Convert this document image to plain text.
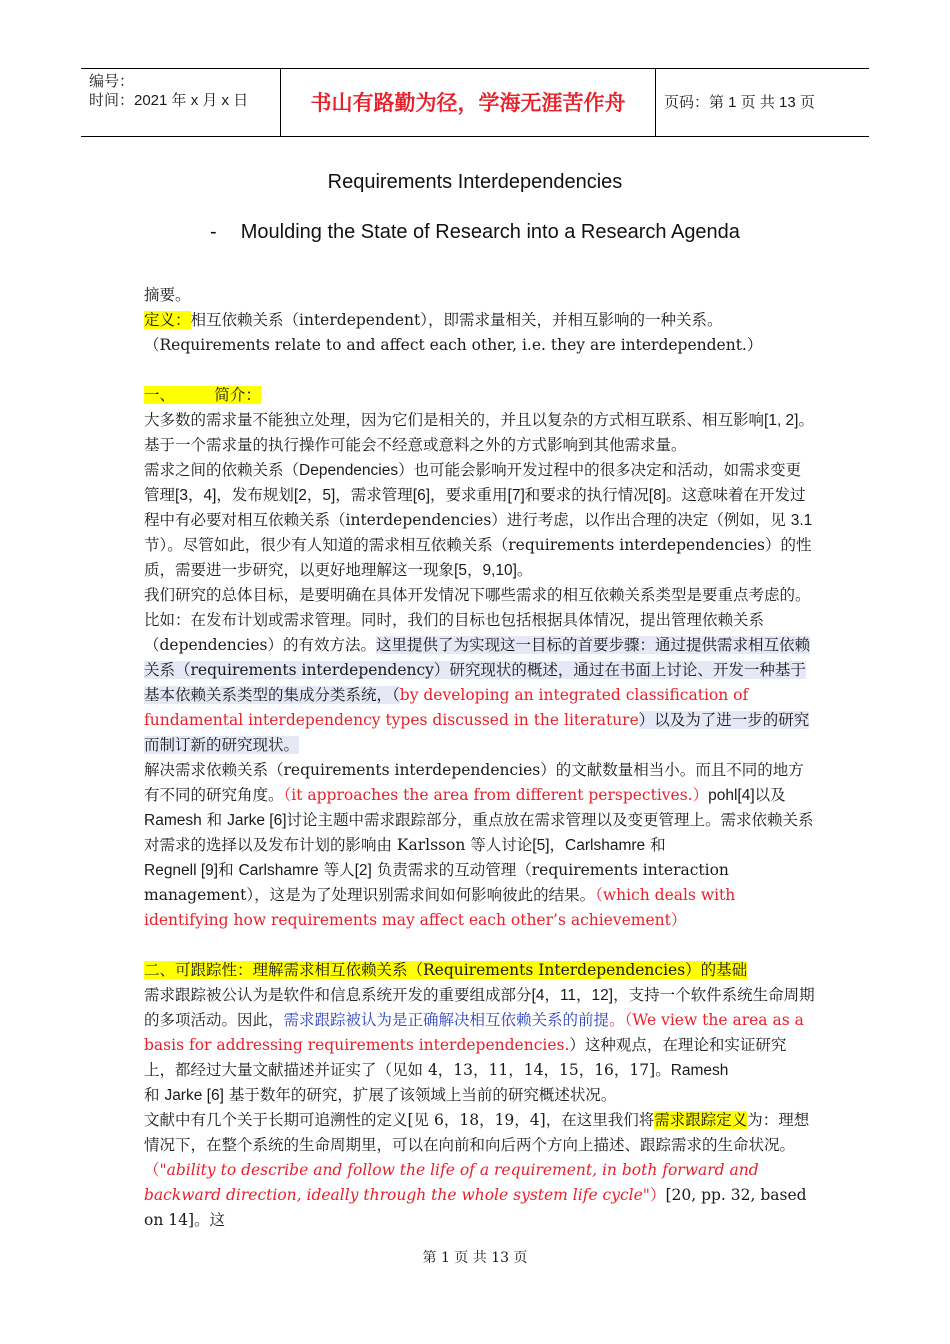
编号：
时间：2021 年 x 月 x 日	书山有路勤为径，学海无涯苦作舟	页码：第 1 页 共 13 页
Requirements Interdependencies
- Moulding the State of Research into a Research Agenda

摘要。

定义：相互依赖关系（interdependent），即需求量相关，并相互影响的一种关系。

（Requirements relate to and affect each other, i.e. they are interdependent.）

一、        简介：

大多数的需求量不能独立处理，因为它们是相关的，并且以复杂的方式相互联系、相互影响[1, 2]。基于一个需求量的执行操作可能会不经意或意料之外的方式影响到其他需求量。

需求之间的依赖关系（Dependencies）也可能会影响开发过程中的很多决定和活动，如需求变更管理[3，4]，发布规划[2，5]，需求管理[6]，要求重用[7]和要求的执行情况[8]。这意味着在开发过程中有必要对相互依赖关系（interdependencies）进行考虑，以作出合理的决定（例如，见 3.1 节）。尽管如此，很少有人知道的需求相互依赖关系（requirements interdependencies）的性质，需要进一步研究，以更好地理解这一现象[5，9,10]。

我们研究的总体目标，是要明确在具体开发情况下哪些需求的相互依赖关系类型是要重点考虑的。比如：在发布计划或需求管理。同时，我们的目标也包括根据具体情况，提出管理依赖关系（dependencies）的有效方法。这里提供了为实现这一目标的首要步骤：通过提供需求相互依赖关系（requirements interdependency）研究现状的概述，通过在书面上讨论、开发一种基于基本依赖关系类型的集成分类系统，（by developing an integrated classification of
fundamental interdependency types discussed in the literature）以及为了进一步的研究而制订新的研究现状。

解决需求依赖关系（requirements interdependencies）的文献数量相当小。而且不同的地方有不同的研究角度。（it approaches the area from different perspectives.）pohl[4]以及
Ramesh 和 Jarke [6]讨论主题中需求跟踪部分，重点放在需求管理以及变更管理上。需求依赖关系对需求的选择以及发布计划的影响由 Karlsson 等人讨论[5]，Carlshamre 和
Regnell [9]和 Carlshamre 等人[2] 负责需求的互动管理（requirements interaction management），这是为了处理识别需求间如何影响彼此的结果。（which deals with identifying how requirements may affect each other’s achievement）

二、可跟踪性：理解需求相互依赖关系（Requirements Interdependencies）的基础

需求跟踪被公认为是软件和信息系统开发的重要组成部分[4，11，12]，支持一个软件系统生命周期的多项活动。因此，需求跟踪被认为是正确解决相互依赖关系的前提。（We view the area as a basis for addressing requirements interdependencies.）这种观点，在理论和实证研究上，都经过大量文献描述并证实了（见如 4，13，11，14，15，16，17]。Ramesh
和 Jarke [6] 基于数年的研究，扩展了该领域上当前的研究概述状况。

文献中有几个关于长期可追溯性的定义[见 6，18，19，4]，在这里我们将需求跟踪定义为：理想情况下，在整个系统的生命周期里，可以在向前和向后两个方向上描述、跟踪需求的生命状况。（"ability to describe and follow the life of a requirement, in both forward and backward direction, ideally through the whole system life cycle"）[20, pp. 32, based on 14]。这

第 1 页 共 13 页
